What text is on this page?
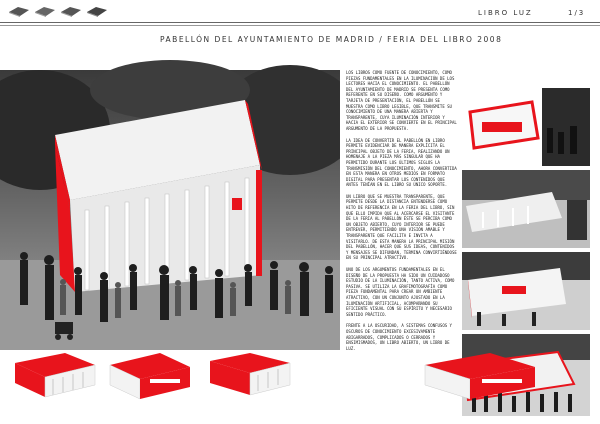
LIBRO LUZ	1/3
PABELLÓN DEL AYUNTAMIENTO DE MADRID / FERIA DEL LIBRO 2008

LOS LIBROS COMO FUENTE DE CONOCIMIENTO, COMO PIEZAS FUNDAMENTALES EN LA ILUMINACIÓN DE LOS LECTORES HACIA EL CONOCIMIENTO. EL PABELLÓN DEL AYUNTAMIENTO DE MADRID SE PRESENTA COMO REFERENTE EN SU DISEÑO. COMO ARGUMENTO Y TARJETA DE PRESENTACIÓN, EL PABELLÓN SE MUESTRA COMO LIBRO LEGIBLE, QUE TRANSMITE SU CONOCIMIENTO DE UNA MANERA ABIERTA Y TRANSPARENTE, CUYA ILUMINACIÓN INTERIOR Y HACIA EL EXTERIOR SE CONVIERTE EN EL PRINCIPAL ARGUMENTO DE LA PROPUESTA.

LA IDEA DE CONVERTIR EL PABELLÓN EN LIBRO PERMITE EVIDENCIAR DE MANERA EXPLÍCITA EL PRINCIPAL OBJETO DE LA FERIA, REALIZANDO UN HOMENAJE A LA PIEZA MÁS SINGULAR QUE HA PERMITIDO DURANTE LOS ÚLTIMOS SIGLOS LA TRANSMISIÓN DEL CONOCIMIENTO, AHORA CONVERTIDA EN ESTA MANERA EN OTROS MEDIOS EN FORMATO DIGITAL PARA PRESENTAR LOS CONTENIDOS QUE ANTES TENÍAN EN EL LIBRO SU ÚNICO SOPORTE.

UN LIBRO QUE SE MUESTRA TRANSPARENTE, QUE PERMITE DESDE LA DISTANCIA ENTENDERSE COMO HITO DE REFERENCIA EN LA FERIA DEL LIBRO, SIN QUE ELLO IMPIDA QUE AL ACERCARSE EL VISITANTE DE LA FERIA AL PABELLÓN ÉSTE SE PERCIBA COMO UN OBJETO ABIERTO, CUYO INTERIOR SE PUEDE ENTREVER, PERMITIENDO UNA VISIÓN AMABLE Y TRANSPARENTE QUE FACILITA E INVITA A VISITARLO. DE ESTA MANERA LA PRINCIPAL MISIÓN DEL PABELLÓN, HACER QUE SUS IDEAS, CONTENIDOS Y MENSAJES SE DIFUNDAN, TERMINA CONVIRTIÉNDOSE EN SU PRINCIPAL ATRACTIVO.

UNO DE LOS ARGUMENTOS FUNDAMENTALES EN EL DISEÑO DE LA PROPUESTA HA SIDO UN CUIDADOSO ESTUDIO DE LA ILUMINACIÓN, TANTO ACTIVA, COMO PASIVA. SE UTILIZA LA GRAFIMOTOGRAFÍA COMO PIEZA FUNDAMENTAL PARA CREAR UN AMBIENTE ATRACTIVO, CON UN CONJUNTO AJUSTADO EN LA ILUMINACIÓN ARTIFICIAL, ACOMPAÑANDO SU EFICIENTE VISUAL CON SU ESPÍRITU Y NECESARIO SENTIDO PRÁCTICO.

FRENTE A LA OSCURIDAD, A SISTEMAS CONFUSOS Y OSCUROS DE CONOCIMIENTO EXCESIVAMENTE ABIGARRADOS, COMPLICADOS O CERRADOS Y ENSIMISMADOS, UN LIBRO ABIERTO, UN LIBRO DE LUZ.
